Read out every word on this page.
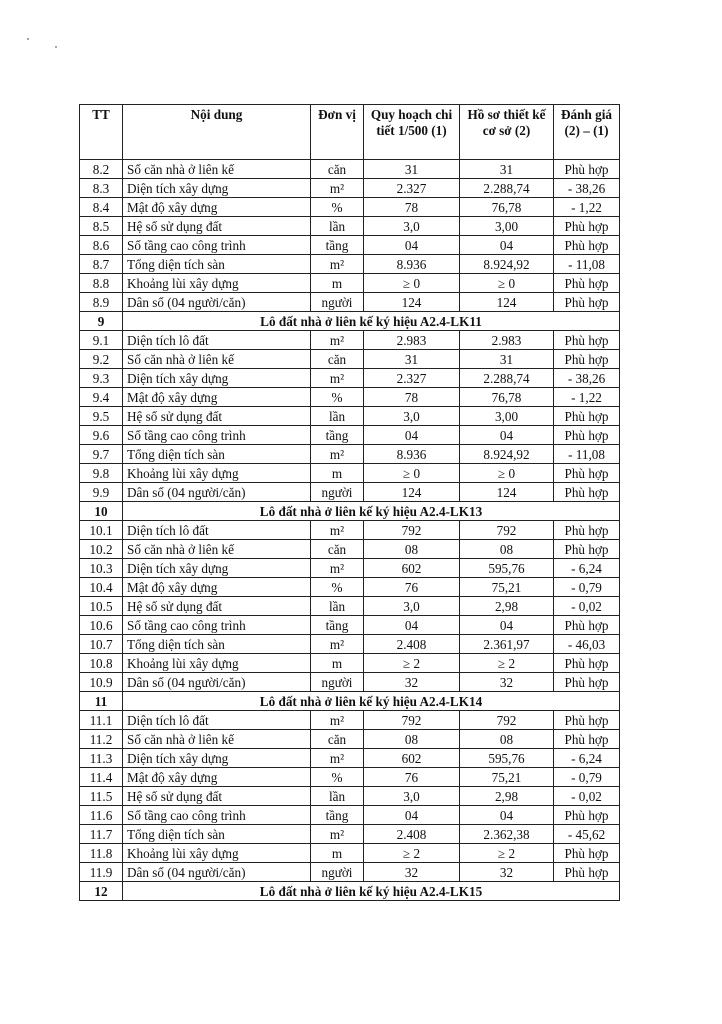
TT	Nội dung	Đơn vị	Quy hoạch chi tiết 1/500 (1)	Hồ sơ thiết kế cơ sở (2)	Đánh giá (2) – (1)
8.2	Số căn nhà ở liên kế	căn	31	31	Phù hợp
8.3	Diện tích xây dựng	m²	2.327	2.288,74	- 38,26
8.4	Mật độ xây dựng	%	78	76,78	- 1,22
8.5	Hệ số sử dụng đất	lần	3,0	3,00	Phù hợp
8.6	Số tầng cao công trình	tầng	04	04	Phù hợp
8.7	Tổng diện tích sàn	m²	8.936	8.924,92	- 11,08
8.8	Khoảng lùi xây dựng	m	≥ 0	≥ 0	Phù hợp
8.9	Dân số (04 người/căn)	người	124	124	Phù hợp
9	Lô đất nhà ở liên kế ký hiệu A2.4-LK11				
9.1	Diện tích lô đất	m²	2.983	2.983	Phù hợp
9.2	Số căn nhà ở liên kế	căn	31	31	Phù hợp
9.3	Diện tích xây dựng	m²	2.327	2.288,74	- 38,26
9.4	Mật độ xây dựng	%	78	76,78	- 1,22
9.5	Hệ số sử dụng đất	lần	3,0	3,00	Phù hợp
9.6	Số tầng cao công trình	tầng	04	04	Phù hợp
9.7	Tổng diện tích sàn	m²	8.936	8.924,92	- 11,08
9.8	Khoảng lùi xây dựng	m	≥ 0	≥ 0	Phù hợp
9.9	Dân số (04 người/căn)	người	124	124	Phù hợp
10	Lô đất nhà ở liên kế ký hiệu A2.4-LK13				
10.1	Diện tích lô đất	m²	792	792	Phù hợp
10.2	Số căn nhà ở liên kế	căn	08	08	Phù hợp
10.3	Diện tích xây dựng	m²	602	595,76	- 6,24
10.4	Mật độ xây dựng	%	76	75,21	- 0,79
10.5	Hệ số sử dụng đất	lần	3,0	2,98	- 0,02
10.6	Số tầng cao công trình	tầng	04	04	Phù hợp
10.7	Tổng diện tích sàn	m²	2.408	2.361,97	- 46,03
10.8	Khoảng lùi xây dựng	m	≥ 2	≥ 2	Phù hợp
10.9	Dân số (04 người/căn)	người	32	32	Phù hợp
11	Lô đất nhà ở liên kế ký hiệu A2.4-LK14				
11.1	Diện tích lô đất	m²	792	792	Phù hợp
11.2	Số căn nhà ở liên kế	căn	08	08	Phù hợp
11.3	Diện tích xây dựng	m²	602	595,76	- 6,24
11.4	Mật độ xây dựng	%	76	75,21	- 0,79
11.5	Hệ số sử dụng đất	lần	3,0	2,98	- 0,02
11.6	Số tầng cao công trình	tầng	04	04	Phù hợp
11.7	Tổng diện tích sàn	m²	2.408	2.362,38	- 45,62
11.8	Khoảng lùi xây dựng	m	≥ 2	≥ 2	Phù hợp
11.9	Dân số (04 người/căn)	người	32	32	Phù hợp
12	Lô đất nhà ở liên kế ký hiệu A2.4-LK15				
